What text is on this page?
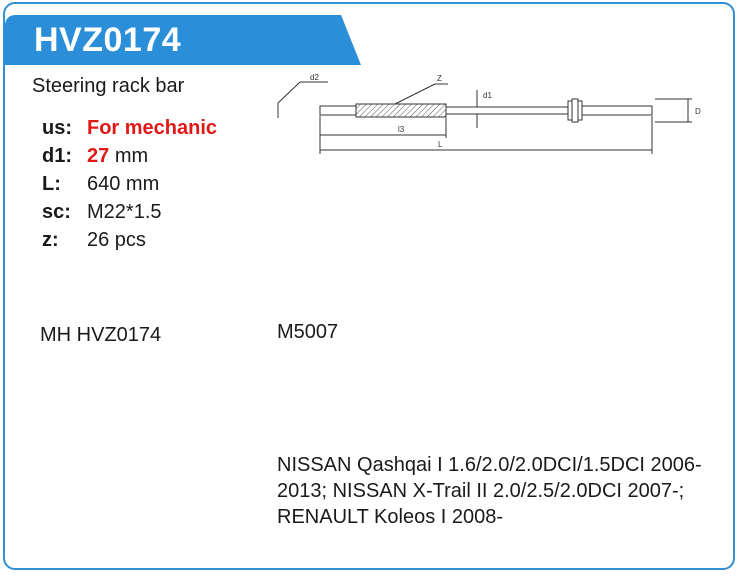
HVZ0174
Steering rack bar
us: For mechanic
d1: 27 mm
L: 640 mm
sc: M22*1.5
z: 26 pcs
MH HVZ0174	M5007
NISSAN Qashqai I 1.6/2.0/2.0DCI/1.5DCI 2006-2013; NISSAN X-Trail II 2.0/2.5/2.0DCI 2007-; RENAULT Koleos I 2008-
d2	Z
d1
D
l3
L
